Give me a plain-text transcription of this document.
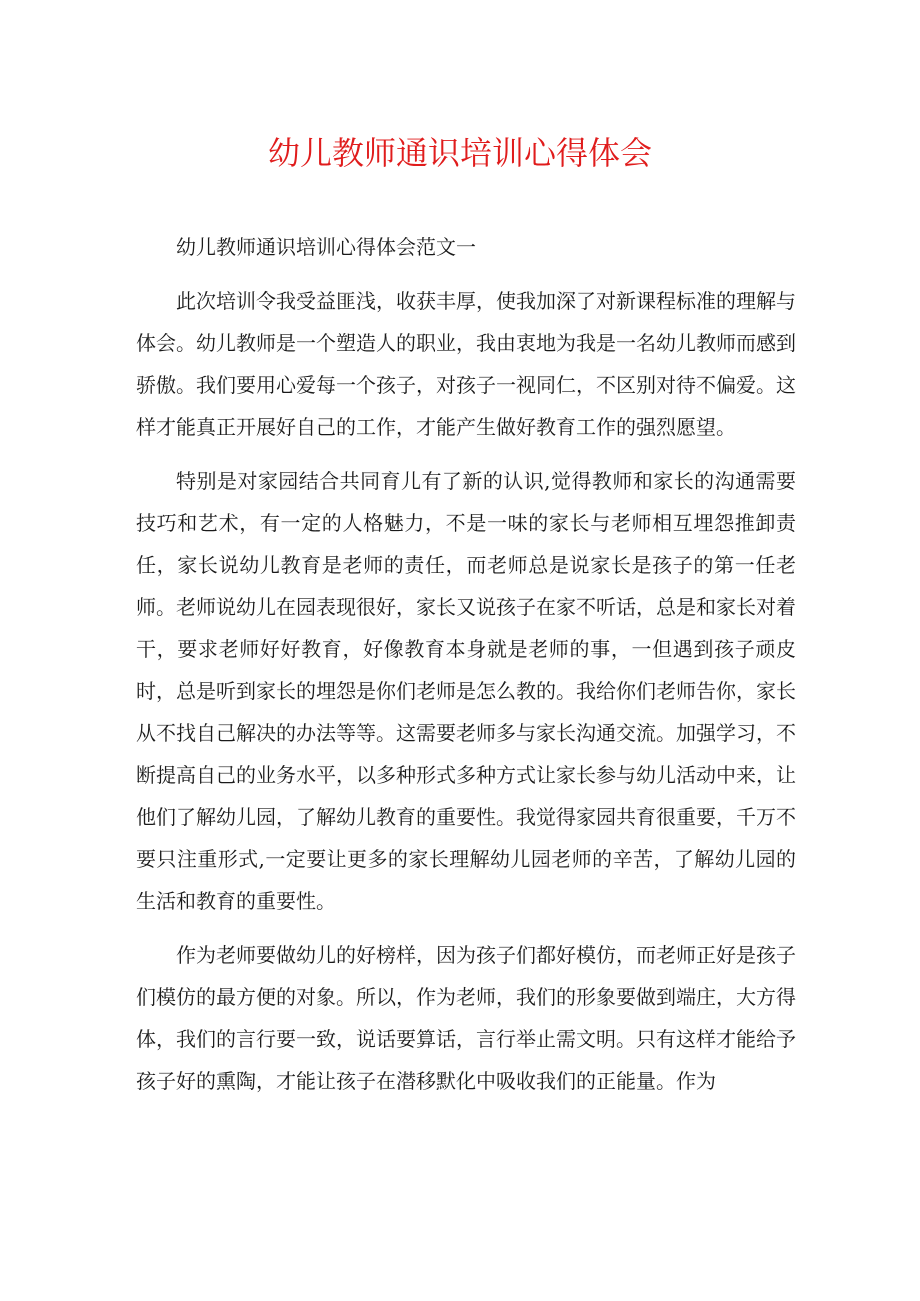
幼儿教师通识培训心得体会

幼儿教师通识培训心得体会范文一

此次培训令我受益匪浅，收获丰厚，使我加深了对新课程标准的理解与体会。幼儿教师是一个塑造人的职业，我由衷地为我是一名幼儿教师而感到骄傲。我们要用心爱每一个孩子，对孩子一视同仁，不区别对待不偏爱。这样才能真正开展好自己的工作，才能产生做好教育工作的强烈愿望。

特别是对家园结合共同育儿有了新的认识,觉得教师和家长的沟通需要技巧和艺术，有一定的人格魅力，不是一味的家长与老师相互埋怨推卸责任，家长说幼儿教育是老师的责任，而老师总是说家长是孩子的第一任老师。老师说幼儿在园表现很好，家长又说孩子在家不听话，总是和家长对着干，要求老师好好教育，好像教育本身就是老师的事，一但遇到孩子顽皮时，总是听到家长的埋怨是你们老师是怎么教的。我给你们老师告你，家长从不找自己解决的办法等等。这需要老师多与家长沟通交流。加强学习，不断提高自己的业务水平，以多种形式多种方式让家长参与幼儿活动中来，让他们了解幼儿园，了解幼儿教育的重要性。我觉得家园共育很重要，千万不要只注重形式,一定要让更多的家长理解幼儿园老师的辛苦，了解幼儿园的生活和教育的重要性。

作为老师要做幼儿的好榜样，因为孩子们都好模仿，而老师正好是孩子们模仿的最方便的对象。所以，作为老师，我们的形象要做到端庄，大方得体，我们的言行要一致，说话要算话，言行举止需文明。只有这样才能给予孩子好的熏陶，才能让孩子在潜移默化中吸收我们的正能量。作为
